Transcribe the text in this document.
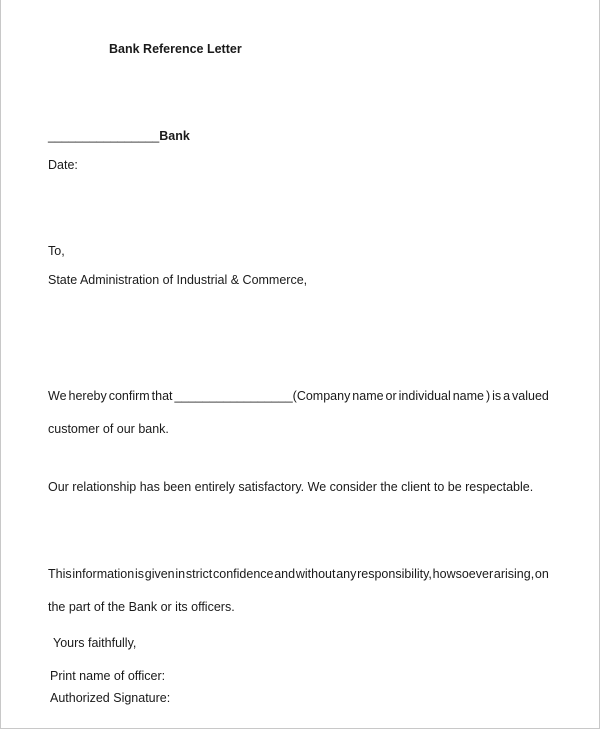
Bank Reference Letter
________________Bank
Date:
To,
State Administration of Industrial & Commerce,
We hereby confirm that _________________(Company name or individual name ) is a valued
customer of our bank.
Our relationship has been entirely satisfactory. We consider the client to be respectable.
This information is given in strict confidence and without any responsibility, howsoever arising, on
the part of the Bank or its officers.
Yours faithfully,
Print name of officer:
Authorized Signature:
